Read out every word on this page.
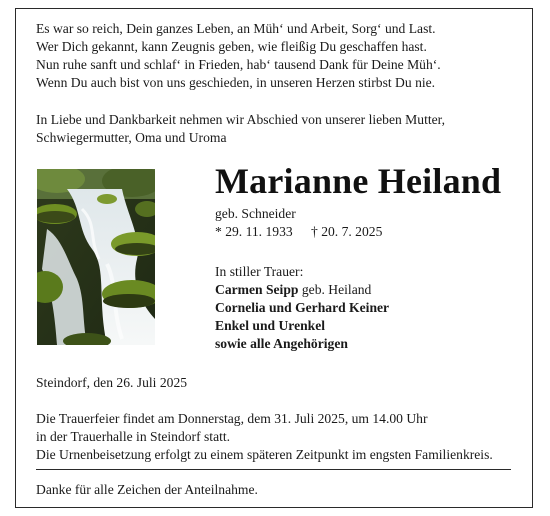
Es war so reich, Dein ganzes Leben, an Müh‘ und Arbeit, Sorg‘ und Last.
Wer Dich gekannt, kann Zeugnis geben, wie fleißig Du geschaffen hast.
Nun ruhe sanft und schlaf‘ in Frieden, hab‘ tausend Dank für Deine Müh‘.
Wenn Du auch bist von uns geschieden, in unseren Herzen stirbst Du nie.
In Liebe und Dankbarkeit nehmen wir Abschied von unserer lieben Mutter,
Schwiegermutter, Oma und Uroma
Marianne Heiland
geb. Schneider
* 29. 11. 1933 † 20. 7. 2025
In stiller Trauer:
Carmen Seipp geb. Heiland
Cornelia und Gerhard Keiner
Enkel und Urenkel
sowie alle Angehörigen
Steindorf, den 26. Juli 2025
Die Trauerfeier findet am Donnerstag, dem 31. Juli 2025, um 14.00 Uhr
in der Trauerhalle in Steindorf statt.
Die Urnenbeisetzung erfolgt zu einem späteren Zeitpunkt im engsten Familienkreis.
Danke für alle Zeichen der Anteilnahme.
